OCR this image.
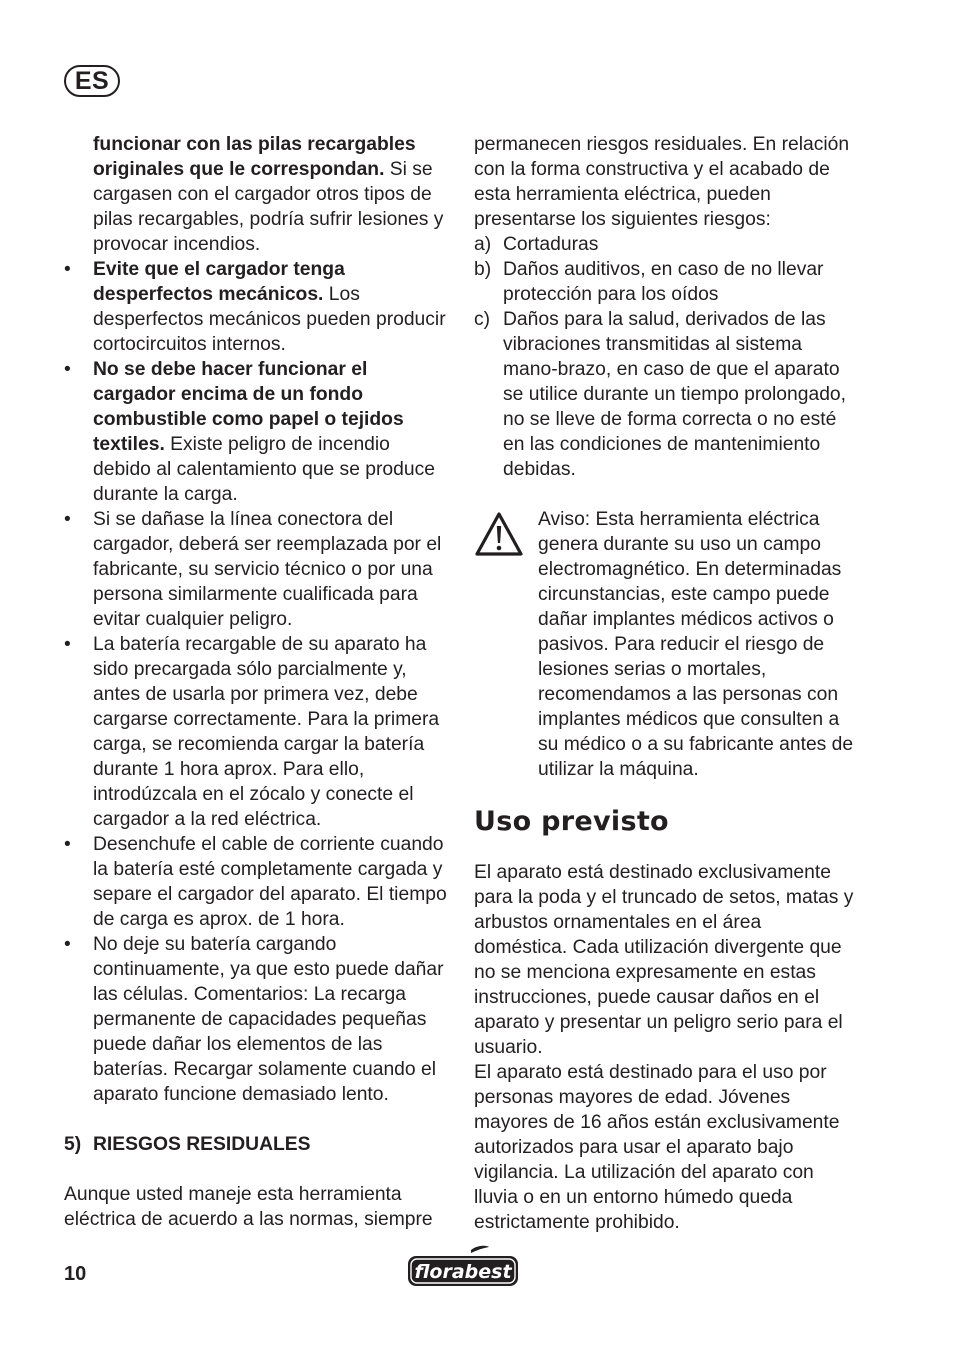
ES

funcionar con las pilas recargables originales que le correspondan. Si se cargasen con el cargador otros tipos de pilas recargables, podría sufrir lesiones y provocar incendios.

• Evite que el cargador tenga desperfectos mecánicos. Los desperfectos mecánicos pueden producir cortocircuitos internos.
• No se debe hacer funcionar el cargador encima de un fondo combustible como papel o tejidos textiles. Existe peligro de incendio debido al calentamiento que se produce durante la carga.
• Si se dañase la línea conectora del cargador, deberá ser reemplazada por el fabricante, su servicio técnico o por una persona similarmente cualificada para evitar cualquier peligro.
• La batería recargable de su aparato ha sido precargada sólo parcialmente y, antes de usarla por primera vez, debe cargarse correctamente. Para la primera carga, se recomienda cargar la batería durante 1 hora aprox. Para ello, introdúzcala en el zócalo y conecte el cargador a la red eléctrica.
• Desenchufe el cable de corriente cuando la batería esté completamente cargada y separe el cargador del aparato. El tiempo de carga es aprox. de 1 hora.
• No deje su batería cargando continuamente, ya que esto puede dañar las células. Comentarios: La recarga permanente de capacidades pequeñas puede dañar los elementos de las baterías. Recargar solamente cuando el aparato funcione demasiado lento.
5) RIESGOS RESIDUALES

Aunque usted maneje esta herramienta eléctrica de acuerdo a las normas, siempre

permanecen riesgos residuales. En relación con la forma constructiva y el acabado de esta herramienta eléctrica, pueden presentarse los siguientes riesgos:

a) Cortaduras
b) Daños auditivos, en caso de no llevar protección para los oídos
c) Daños para la salud, derivados de las vibraciones transmitidas al sistema mano-brazo, en caso de que el aparato se utilice durante un tiempo prolongado, no se lleve de forma correcta o no esté en las condiciones de mantenimiento debidas.
Aviso: Esta herramienta eléctrica genera durante su uso un campo electromagnético. En determinadas circunstancias, este campo puede dañar implantes médicos activos o pasivos. Para reducir el riesgo de lesiones serias o mortales, recomendamos a las personas con implantes médicos que consulten a su médico o a su fabricante antes de utilizar la máquina.
Uso previsto

El aparato está destinado exclusivamente para la poda y el truncado de setos, matas y arbustos ornamentales en el área doméstica. Cada utilización divergente que no se menciona expresamente en estas instrucciones, puede causar daños en el aparato y presentar un peligro serio para el usuario.

El aparato está destinado para el uso por personas mayores de edad. Jóvenes mayores de 16 años están exclusivamente autorizados para usar el aparato bajo vigilancia. La utilización del aparato con lluvia o en un entorno húmedo queda estrictamente prohibido.

10	florabest
